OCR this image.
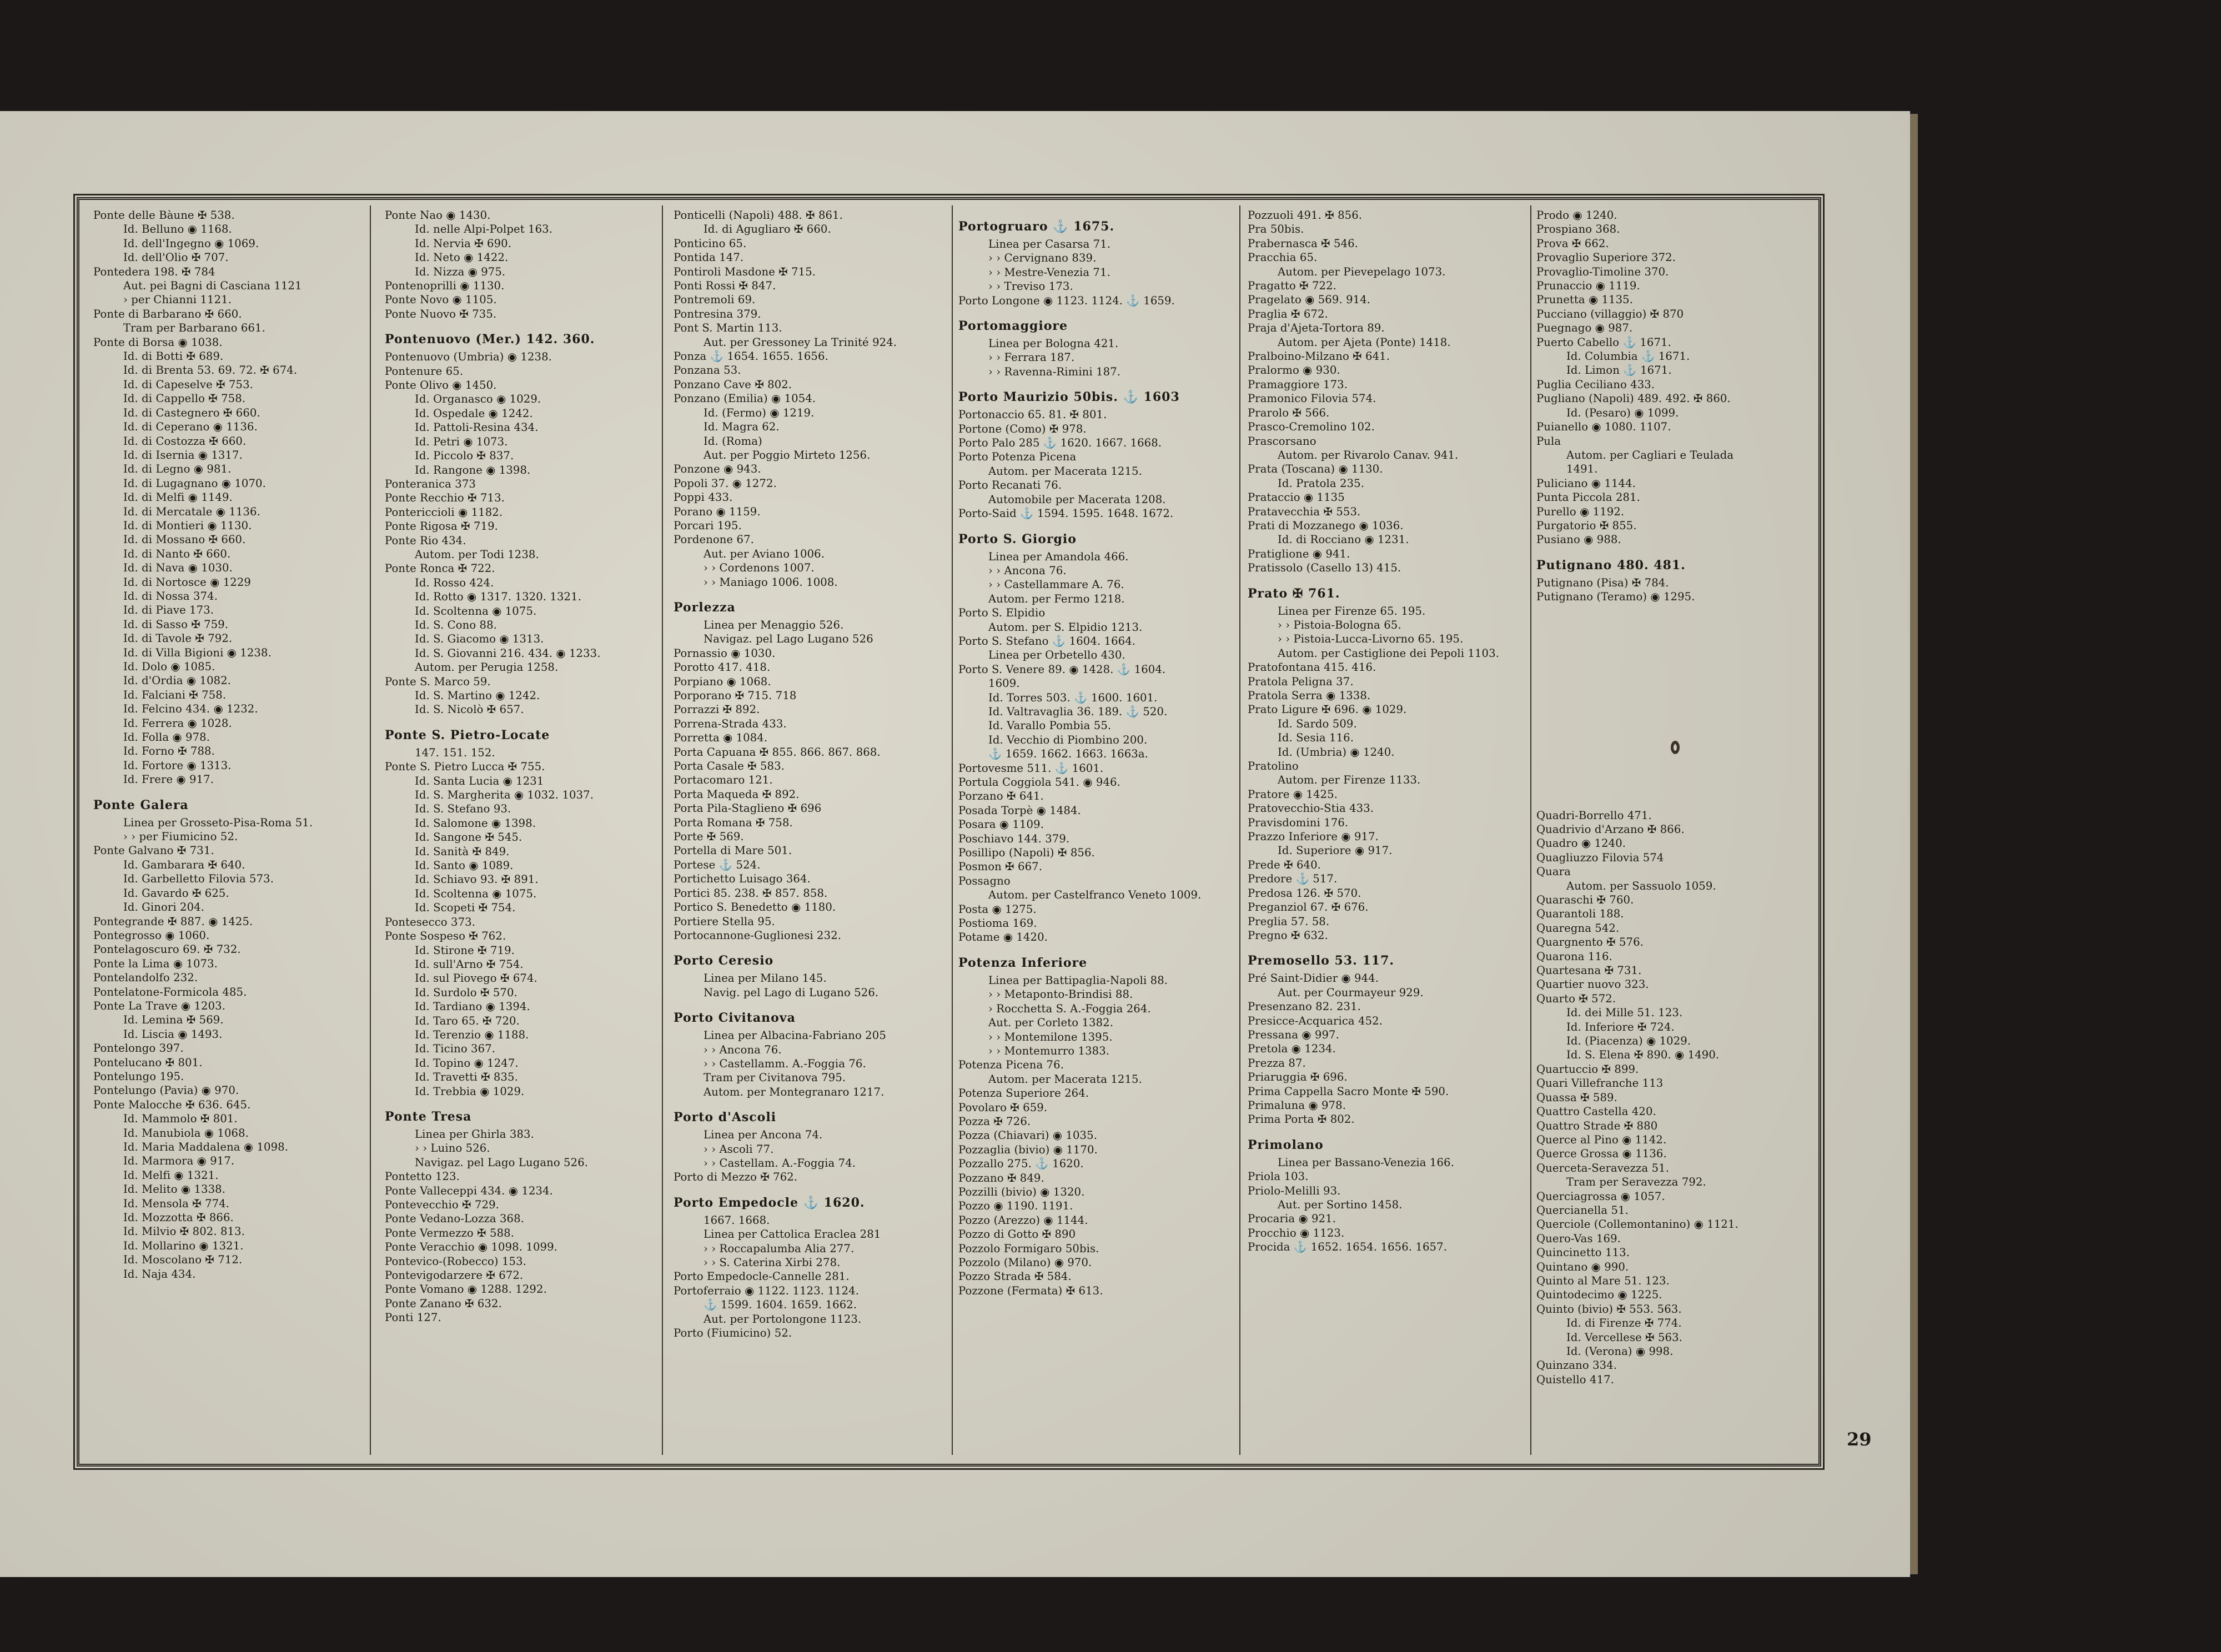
Ponte delle Bàune ✠ 538.
Id. Belluno ◉ 1168.
Id. dell'Ingegno ◉ 1069.
Id. dell'Olio ✠ 707.
Pontedera 198. ✠ 784
Aut. pei Bagni di Casciana 1121
› per Chianni 1121.
Ponte di Barbarano ✠ 660.
Tram per Barbarano 661.
Ponte di Borsa ◉ 1038.
Id. di Botti ✠ 689.
Id. di Brenta 53. 69. 72. ✠ 674.
Id. di Capeselve ✠ 753.
Id. di Cappello ✠ 758.
Id. di Castegnero ✠ 660.
Id. di Ceperano ◉ 1136.
Id. di Costozza ✠ 660.
Id. di Isernia ◉ 1317.
Id. di Legno ◉ 981.
Id. di Lugagnano ◉ 1070.
Id. di Melfi ◉ 1149.
Id. di Mercatale ◉ 1136.
Id. di Montieri ◉ 1130.
Id. di Mossano ✠ 660.
Id. di Nanto ✠ 660.
Id. di Nava ◉ 1030.
Id. di Nortosce ◉ 1229
Id. di Nossa 374.
Id. di Piave 173.
Id. di Sasso ✠ 759.
Id. di Tavole ✠ 792.
Id. di Villa Bigioni ◉ 1238.
Id. Dolo ◉ 1085.
Id. d'Ordia ◉ 1082.
Id. Falciani ✠ 758.
Id. Felcino 434. ◉ 1232.
Id. Ferrera ◉ 1028.
Id. Folla ◉ 978.
Id. Forno ✠ 788.
Id. Fortore ◉ 1313.
Id. Frere ◉ 917.
Ponte Galera
Linea per Grosseto-Pisa-Roma 51.
› › per Fiumicino 52.
Ponte Galvano ✠ 731.
Id. Gambarara ✠ 640.
Id. Garbelletto Filovia 573.
Id. Gavardo ✠ 625.
Id. Ginori 204.
Pontegrande ✠ 887. ◉ 1425.
Pontegrosso ◉ 1060.
Pontelagoscuro 69. ✠ 732.
Ponte la Lima ◉ 1073.
Pontelandolfo 232.
Pontelatone-Formicola 485.
Ponte La Trave ◉ 1203.
Id. Lemina ✠ 569.
Id. Liscia ◉ 1493.
Pontelongo 397.
Pontelucano ✠ 801.
Pontelungo 195.
Pontelungo (Pavia) ◉ 970.
Ponte Malocche ✠ 636. 645.
Id. Mammolo ✠ 801.
Id. Manubiola ◉ 1068.
Id. Maria Maddalena ◉ 1098.
Id. Marmora ◉ 917.
Id. Melfi ◉ 1321.
Id. Melito ◉ 1338.
Id. Mensola ✠ 774.
Id. Mozzotta ✠ 866.
Id. Milvio ✠ 802. 813.
Id. Mollarino ◉ 1321.
Id. Moscolano ✠ 712.
Id. Naja 434.
Ponte Nao ◉ 1430.
Id. nelle Alpi-Polpet 163.
Id. Nervia ✠ 690.
Id. Neto ◉ 1422.
Id. Nizza ◉ 975.
Pontenoprilli ◉ 1130.
Ponte Novo ◉ 1105.
Ponte Nuovo ✠ 735.
Pontenuovo (Mer.) 142. 360.
Pontenuovo (Umbria) ◉ 1238.
Pontenure 65.
Ponte Olivo ◉ 1450.
Id. Organasco ◉ 1029.
Id. Ospedale ◉ 1242.
Id. Pattoli-Resina 434.
Id. Petri ◉ 1073.
Id. Piccolo ✠ 837.
Id. Rangone ◉ 1398.
Ponteranica 373
Ponte Recchio ✠ 713.
Pontericcioli ◉ 1182.
Ponte Rigosa ✠ 719.
Ponte Rio 434.
Autom. per Todi 1238.
Ponte Ronca ✠ 722.
Id. Rosso 424.
Id. Rotto ◉ 1317. 1320. 1321.
Id. Scoltenna ◉ 1075.
Id. S. Cono 88.
Id. S. Giacomo ◉ 1313.
Id. S. Giovanni 216. 434. ◉ 1233.
Autom. per Perugia 1258.
Ponte S. Marco 59.
Id. S. Martino ◉ 1242.
Id. S. Nicolò ✠ 657.
Ponte S. Pietro-Locate
147. 151. 152.
Ponte S. Pietro Lucca ✠ 755.
Id. Santa Lucia ◉ 1231
Id. S. Margherita ◉ 1032. 1037.
Id. S. Stefano 93.
Id. Salomone ◉ 1398.
Id. Sangone ✠ 545.
Id. Sanità ✠ 849.
Id. Santo ◉ 1089.
Id. Schiavo 93. ✠ 891.
Id. Scoltenna ◉ 1075.
Id. Scopeti ✠ 754.
Pontesecco 373.
Ponte Sospeso ✠ 762.
Id. Stirone ✠ 719.
Id. sull'Arno ✠ 754.
Id. sul Piovego ✠ 674.
Id. Surdolo ✠ 570.
Id. Tardiano ◉ 1394.
Id. Taro 65. ✠ 720.
Id. Terenzio ◉ 1188.
Id. Ticino 367.
Id. Topino ◉ 1247.
Id. Travetti ✠ 835.
Id. Trebbia ◉ 1029.
Ponte Tresa
Linea per Ghirla 383.
› › Luino 526.
Navigaz. pel Lago Lugano 526.
Pontetto 123.
Ponte Valleceppi 434. ◉ 1234.
Pontevecchio ✠ 729.
Ponte Vedano-Lozza 368.
Ponte Vermezzo ✠ 588.
Ponte Veracchio ◉ 1098. 1099.
Pontevico-(Robecco) 153.
Pontevigodarzere ✠ 672.
Ponte Vomano ◉ 1288. 1292.
Ponte Zanano ✠ 632.
Ponti 127.
Ponticelli (Napoli) 488. ✠ 861.
Id. di Agugliaro ✠ 660.
Ponticino 65.
Pontida 147.
Pontiroli Masdone ✠ 715.
Ponti Rossi ✠ 847.
Pontremoli 69.
Pontresina 379.
Pont S. Martin 113.
Aut. per Gressoney La Trinité 924.
Ponza ⚓ 1654. 1655. 1656.
Ponzana 53.
Ponzano Cave ✠ 802.
Ponzano (Emilia) ◉ 1054.
Id. (Fermo) ◉ 1219.
Id. Magra 62.
Id. (Roma)
Aut. per Poggio Mirteto 1256.
Ponzone ◉ 943.
Popoli 37. ◉ 1272.
Poppi 433.
Porano ◉ 1159.
Porcari 195.
Pordenone 67.
Aut. per Aviano 1006.
› › Cordenons 1007.
› › Maniago 1006. 1008.
Porlezza
Linea per Menaggio 526.
Navigaz. pel Lago Lugano 526
Pornassio ◉ 1030.
Porotto 417. 418.
Porpiano ◉ 1068.
Porporano ✠ 715. 718
Porrazzi ✠ 892.
Porrena-Strada 433.
Porretta ◉ 1084.
Porta Capuana ✠ 855. 866. 867. 868.
Porta Casale ✠ 583.
Portacomaro 121.
Porta Maqueda ✠ 892.
Porta Pila-Staglieno ✠ 696
Porta Romana ✠ 758.
Porte ✠ 569.
Portella di Mare 501.
Portese ⚓ 524.
Portichetto Luisago 364.
Portici 85. 238. ✠ 857. 858.
Portico S. Benedetto ◉ 1180.
Portiere Stella 95.
Portocannone-Guglionesi 232.
Porto Ceresio
Linea per Milano 145.
Navig. pel Lago di Lugano 526.
Porto Civitanova
Linea per Albacina-Fabriano 205
› › Ancona 76.
› › Castellamm. A.-Foggia 76.
Tram per Civitanova 795.
Autom. per Montegranaro 1217.
Porto d'Ascoli
Linea per Ancona 74.
› › Ascoli 77.
› › Castellam. A.-Foggia 74.
Porto di Mezzo ✠ 762.
Porto Empedocle ⚓ 1620.
1667. 1668.
Linea per Cattolica Eraclea 281
› › Roccapalumba Alia 277.
› › S. Caterina Xirbi 278.
Porto Empedocle-Cannelle 281.
Portoferraio ◉ 1122. 1123. 1124.
⚓ 1599. 1604. 1659. 1662.
Aut. per Portolongone 1123.
Porto (Fiumicino) 52.
Portogruaro ⚓ 1675.
Linea per Casarsa 71.
› › Cervignano 839.
› › Mestre-Venezia 71.
› › Treviso 173.
Porto Longone ◉ 1123. 1124. ⚓ 1659.
Portomaggiore
Linea per Bologna 421.
› › Ferrara 187.
› › Ravenna-Rimini 187.
Porto Maurizio 50bis. ⚓ 1603
Portonaccio 65. 81. ✠ 801.
Portone (Como) ✠ 978.
Porto Palo 285 ⚓ 1620. 1667. 1668.
Porto Potenza Picena
Autom. per Macerata 1215.
Porto Recanati 76.
Automobile per Macerata 1208.
Porto-Said ⚓ 1594. 1595. 1648. 1672.
Porto S. Giorgio
Linea per Amandola 466.
› › Ancona 76.
› › Castellammare A. 76.
Autom. per Fermo 1218.
Porto S. Elpidio
Autom. per S. Elpidio 1213.
Porto S. Stefano ⚓ 1604. 1664.
Linea per Orbetello 430.
Porto S. Venere 89. ◉ 1428. ⚓ 1604.
1609.
Id. Torres 503. ⚓ 1600. 1601.
Id. Valtravaglia 36. 189. ⚓ 520.
Id. Varallo Pombia 55.
Id. Vecchio di Piombino 200.
⚓ 1659. 1662. 1663. 1663a.
Portovesme 511. ⚓ 1601.
Portula Coggiola 541. ◉ 946.
Porzano ✠ 641.
Posada Torpè ◉ 1484.
Posara ◉ 1109.
Poschiavo 144. 379.
Posillipo (Napoli) ✠ 856.
Posmon ✠ 667.
Possagno
Autom. per Castelfranco Veneto 1009.
Posta ◉ 1275.
Postioma 169.
Potame ◉ 1420.
Potenza Inferiore
Linea per Battipaglia-Napoli 88.
› › Metaponto-Brindisi 88.
› Rocchetta S. A.-Foggia 264.
Aut. per Corleto 1382.
› › Montemilone 1395.
› › Montemurro 1383.
Potenza Picena 76.
Autom. per Macerata 1215.
Potenza Superiore 264.
Povolaro ✠ 659.
Pozza ✠ 726.
Pozza (Chiavari) ◉ 1035.
Pozzaglia (bivio) ◉ 1170.
Pozzallo 275. ⚓ 1620.
Pozzano ✠ 849.
Pozzilli (bivio) ◉ 1320.
Pozzo ◉ 1190. 1191.
Pozzo (Arezzo) ◉ 1144.
Pozzo di Gotto ✠ 890
Pozzolo Formigaro 50bis.
Pozzolo (Milano) ◉ 970.
Pozzo Strada ✠ 584.
Pozzone (Fermata) ✠ 613.
Pozzuoli 491. ✠ 856.
Pra 50bis.
Prabernasca ✠ 546.
Pracchia 65.
Autom. per Pievepelago 1073.
Pragatto ✠ 722.
Pragelato ◉ 569. 914.
Praglia ✠ 672.
Praja d'Ajeta-Tortora 89.
Autom. per Ajeta (Ponte) 1418.
Pralboino-Milzano ✠ 641.
Pralormo ◉ 930.
Pramaggiore 173.
Pramonico Filovia 574.
Prarolo ✠ 566.
Prasco-Cremolino 102.
Prascorsano
Autom. per Rivarolo Canav. 941.
Prata (Toscana) ◉ 1130.
Id. Pratola 235.
Prataccio ◉ 1135
Pratavecchia ✠ 553.
Prati di Mozzanego ◉ 1036.
Id. di Rocciano ◉ 1231.
Pratiglione ◉ 941.
Pratissolo (Casello 13) 415.
Prato ✠ 761.
Linea per Firenze 65. 195.
› › Pistoia-Bologna 65.
› › Pistoia-Lucca-Livorno 65. 195.
Autom. per Castiglione dei Pepoli 1103.
Pratofontana 415. 416.
Pratola Peligna 37.
Pratola Serra ◉ 1338.
Prato Ligure ✠ 696. ◉ 1029.
Id. Sardo 509.
Id. Sesia 116.
Id. (Umbria) ◉ 1240.
Pratolino
Autom. per Firenze 1133.
Pratore ◉ 1425.
Pratovecchio-Stia 433.
Pravisdomini 176.
Prazzo Inferiore ◉ 917.
Id. Superiore ◉ 917.
Prede ✠ 640.
Predore ⚓ 517.
Predosa 126. ✠ 570.
Preganziol 67. ✠ 676.
Preglia 57. 58.
Pregno ✠ 632.
Premosello 53. 117.
Pré Saint-Didier ◉ 944.
Aut. per Courmayeur 929.
Presenzano 82. 231.
Presicce-Acquarica 452.
Pressana ◉ 997.
Pretola ◉ 1234.
Prezza 87.
Priaruggia ✠ 696.
Prima Cappella Sacro Monte ✠ 590.
Primaluna ◉ 978.
Prima Porta ✠ 802.
Primolano
Linea per Bassano-Venezia 166.
Priola 103.
Priolo-Melilli 93.
Aut. per Sortino 1458.
Procaria ◉ 921.
Procchio ◉ 1123.
Procida ⚓ 1652. 1654. 1656. 1657.
Prodo ◉ 1240.
Prospiano 368.
Prova ✠ 662.
Provaglio Superiore 372.
Provaglio-Timoline 370.
Prunaccio ◉ 1119.
Prunetta ◉ 1135.
Pucciano (villaggio) ✠ 870
Puegnago ◉ 987.
Puerto Cabello ⚓ 1671.
Id. Columbia ⚓ 1671.
Id. Limon ⚓ 1671.
Puglia Ceciliano 433.
Pugliano (Napoli) 489. 492. ✠ 860.
Id. (Pesaro) ◉ 1099.
Puianello ◉ 1080. 1107.
Pula
Autom. per Cagliari e Teulada
1491.
Puliciano ◉ 1144.
Punta Piccola 281.
Purello ◉ 1192.
Purgatorio ✠ 855.
Pusiano ◉ 988.
Putignano 480. 481.
Putignano (Pisa) ✠ 784.
Putignano (Teramo) ◉ 1295.
Quadri-Borrello 471.
Quadrivio d'Arzano ✠ 866.
Quadro ◉ 1240.
Quagliuzzo Filovia 574
Quara
Autom. per Sassuolo 1059.
Quaraschi ✠ 760.
Quarantoli 188.
Quaregna 542.
Quargnento ✠ 576.
Quarona 116.
Quartesana ✠ 731.
Quartier nuovo 323.
Quarto ✠ 572.
Id. dei Mille 51. 123.
Id. Inferiore ✠ 724.
Id. (Piacenza) ◉ 1029.
Id. S. Elena ✠ 890. ◉ 1490.
Quartuccio ✠ 899.
Quari Villefranche 113
Quassa ✠ 589.
Quattro Castella 420.
Quattro Strade ✠ 880
Querce al Pino ◉ 1142.
Querce Grossa ◉ 1136.
Querceta-Seravezza 51.
Tram per Seravezza 792.
Querciagrossa ◉ 1057.
Quercianella 51.
Querciole (Collemontanino) ◉ 1121.
Quero-Vas 169.
Quincinetto 113.
Quintano ◉ 990.
Quinto al Mare 51. 123.
Quintodecimo ◉ 1225.
Quinto (bivio) ✠ 553. 563.
Id. di Firenze ✠ 774.
Id. Vercellese ✠ 563.
Id. (Verona) ◉ 998.
Quinzano 334.
Quistello 417.
29
